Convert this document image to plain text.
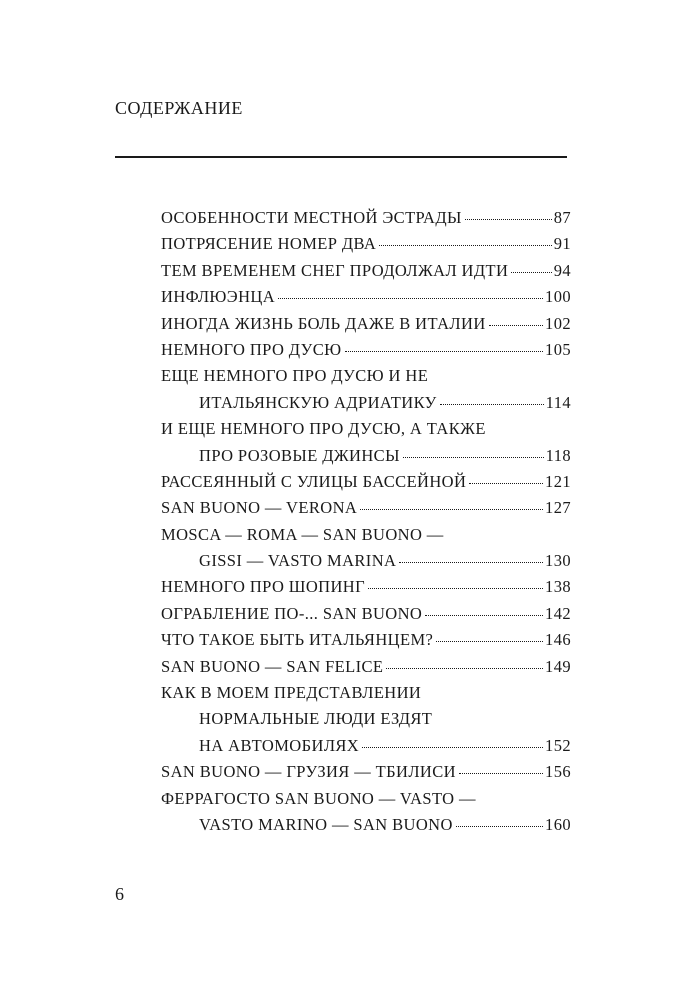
СОДЕРЖАНИЕ
ОСОБЕННОСТИ МЕСТНОЙ ЭСТРАДЫ	87
ПОТРЯСЕНИЕ НОМЕР ДВА	91
ТЕМ ВРЕМЕНЕМ СНЕГ ПРОДОЛЖАЛ ИДТИ	94
ИНФЛЮЭНЦА	100
ИНОГДА ЖИЗНЬ БОЛЬ ДАЖЕ В ИТАЛИИ	102
НЕМНОГО ПРО ДУСЮ	105
ЕЩЕ НЕМНОГО ПРО ДУСЮ И НЕ
ИТАЛЬЯНСКУЮ АДРИАТИКУ	114
И ЕЩЕ НЕМНОГО ПРО ДУСЮ, А ТАКЖЕ
ПРО РОЗОВЫЕ ДЖИНСЫ	118
РАССЕЯННЫЙ С УЛИЦЫ БАССЕЙНОЙ	121
SAN BUONO — VERONA	127
MOSCA — ROMA — SAN BUONO —
GISSI — VASTO MARINA	130
НЕМНОГО ПРО ШОПИНГ	138
ОГРАБЛЕНИЕ ПО-... SAN BUONO	142
ЧТО ТАКОЕ БЫТЬ ИТАЛЬЯНЦЕМ?	146
SAN BUONO — SAN FELICE	149
КАК В МОЕМ ПРЕДСТАВЛЕНИИ
НОРМАЛЬНЫЕ ЛЮДИ ЕЗДЯТ
НА АВТОМОБИЛЯХ	152
SAN BUONO — ГРУЗИЯ — ТБИЛИСИ	156
ФЕРРАГОСТО SAN BUONO — VASTO —
VASTO MARINO — SAN BUONO	160
6
